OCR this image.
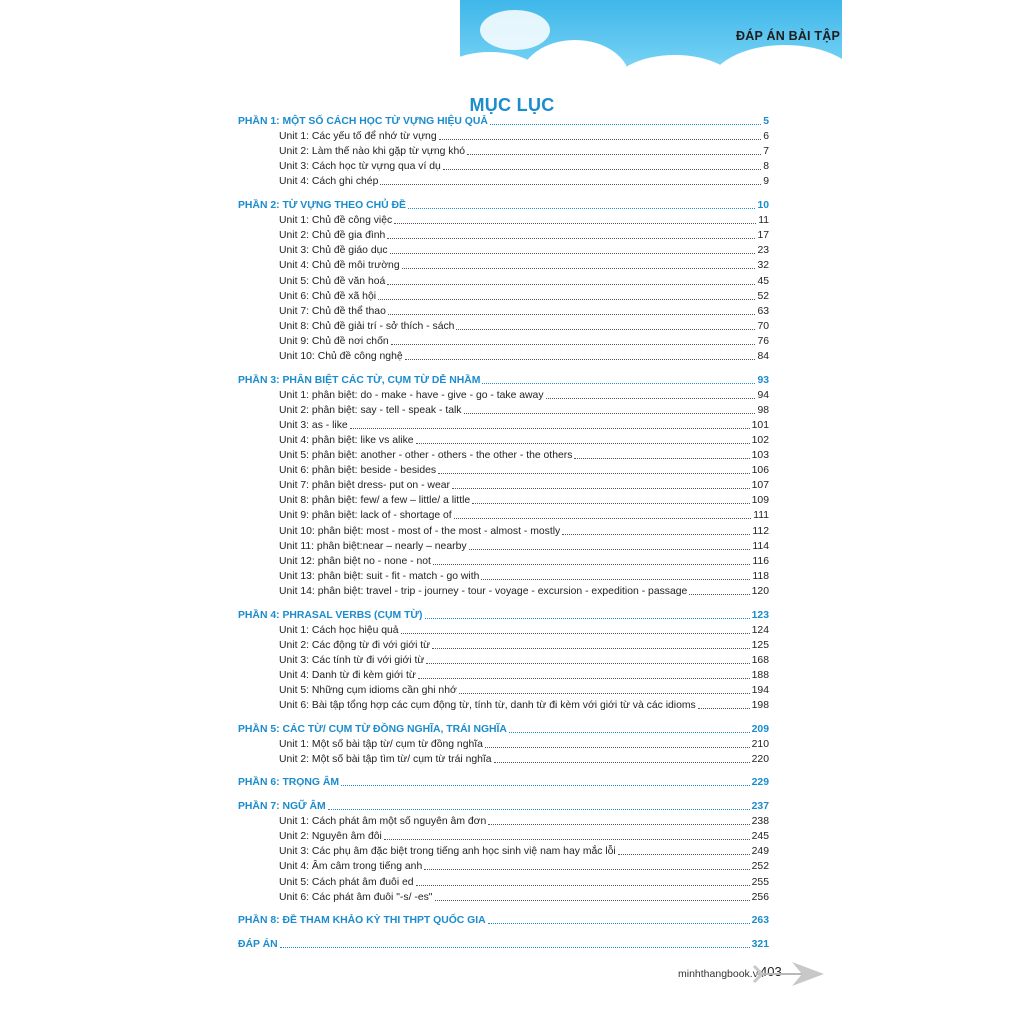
ĐÁP ÁN BÀI TẬP
MỤC LỤC
PHẦN 1: MỘT SỐ CÁCH HỌC TỪ VỰNG HIỆU QUẢ	5
Unit 1: Các yếu tố để nhớ từ vựng	6
Unit 2: Làm thế nào khi gặp từ vựng khó	7
Unit 3: Cách học từ vựng qua ví dụ	8
Unit 4: Cách ghi chép	9
PHẦN 2: TỪ VỰNG THEO CHỦ ĐỀ	10
Unit 1: Chủ đề công việc	11
Unit 2: Chủ đề gia đình	17
Unit 3: Chủ đề giáo dục	23
Unit 4: Chủ đề môi trường	32
Unit 5: Chủ đề văn hoá	45
Unit 6: Chủ đề xã hội	52
Unit 7: Chủ đề thể thao	63
Unit 8: Chủ đề giải trí - sở thích - sách	70
Unit 9: Chủ đề nơi chốn	76
Unit 10: Chủ đề công nghệ	84
PHẦN 3: PHÂN BIỆT CÁC TỪ, CỤM TỪ DỄ NHẦM	93
Unit 1: phân biệt: do - make - have - give - go - take away	94
Unit 2: phân biệt: say - tell - speak - talk	98
Unit 3: as - like	101
Unit 4: phân biệt: like vs alike	102
Unit 5: phân biệt: another - other - others - the other - the others	103
Unit 6: phân biệt: beside - besides	106
Unit 7: phân biệt dress- put on - wear	107
Unit 8: phân biệt: few/ a few – little/ a little	109
Unit 9: phân biệt: lack of - shortage of	111
Unit 10: phân biệt: most - most of - the most - almost - mostly	112
Unit 11: phân biệt:near – nearly – nearby	114
Unit 12: phân biệt no - none - not	116
Unit 13: phân biệt: suit - fit - match - go with	118
Unit 14: phân biệt: travel - trip - journey - tour - voyage - excursion - expedition - passage	120
PHẦN 4: PHRASAL VERBS (CỤM TỪ)	123
Unit 1: Cách học hiệu quả	124
Unit 2: Các động từ đi với giới từ	125
Unit 3: Các tính từ đi với giới từ	168
Unit 4: Danh từ đi kèm giới từ	188
Unit 5: Những cụm idioms cần ghi nhớ	194
Unit 6: Bài tập tổng hợp các cụm động từ, tính từ, danh từ đi kèm với giới từ và các idioms	198
PHẦN 5: CÁC TỪ/ CỤM TỪ ĐỒNG NGHĨA, TRÁI NGHĨA	209
Unit 1: Một số bài tập từ/ cụm từ đồng nghĩa	210
Unit 2: Một số bài tập tìm từ/ cụm từ trái nghĩa	220
PHẦN 6: TRỌNG ÂM	229
PHẦN 7: NGỮ ÂM	237
Unit 1: Cách phát âm một số nguyên âm đơn	238
Unit 2: Nguyên âm đôi	245
Unit 3: Các phụ âm đặc biệt trong tiếng anh học sinh việ nam hay mắc lỗi	249
Unit 4: Âm câm trong tiếng anh	252
Unit 5: Cách phát âm đuôi ed	255
Unit 6: Các phát âm đuôi "-s/ -es"	256
PHẦN 8: ĐỀ THAM KHẢO KỲ THI THPT QUỐC GIA	263
ĐÁP ÁN	321
minhthangbook.vn
403
